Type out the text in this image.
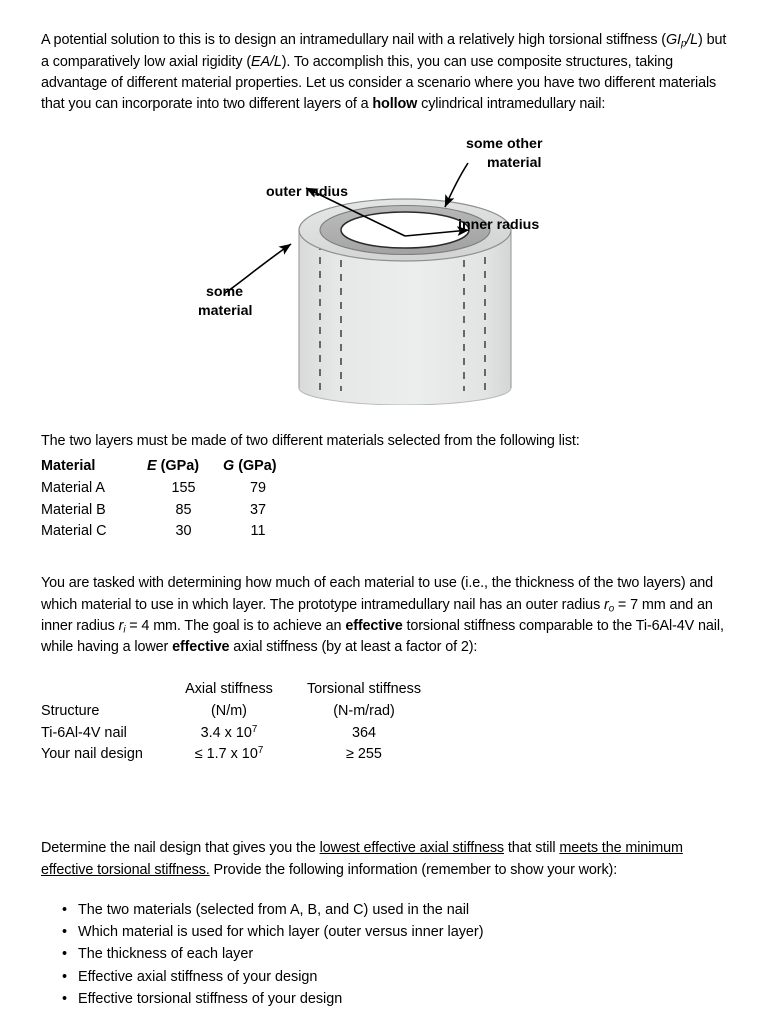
A potential solution to this is to design an intramedullary nail with a relatively high torsional stiffness $(GI_p/L)$ but a comparatively low axial rigidity (EA/L). To accomplish this, you can use composite structures, taking advantage of different material properties. Let us consider a scenario where you have two different materials that you can incorporate into two different layers of a hollow cylindrical intramedullary nail:

some other
material
outer radius
inner radius
some
material

The two layers must be made of two different materials selected from the following list:

Material	E (GPa)	G (GPa)
Material A	155	79
Material B	85	37
Material C	30	11

You are tasked with determining how much of each material to use (i.e., the thickness of the two layers) and which material to use in which layer. The prototype intramedullary nail has an outer radius $r_o = 7$ mm and an inner radius $r_i = 4$ mm. The goal is to achieve an effective torsional stiffness comparable to the Ti-6Al-4V nail, while having a lower effective axial stiffness (by at least a factor of 2):

Structure	Axial stiffness	Torsional stiffness
	(N/m)	(N-m/rad)
Ti-6Al-4V nail	3.4 x $10^7$	364
Your nail design	≤ 1.7 x $10^7$	≥ 255

Determine the nail design that gives you the lowest effective axial stiffness that still meets the minimum effective torsional stiffness. Provide the following information (remember to show your work):

• The two materials (selected from A, B, and C) used in the nail
• Which material is used for which layer (outer versus inner layer)
• The thickness of each layer
• Effective axial stiffness of your design
• Effective torsional stiffness of your design
